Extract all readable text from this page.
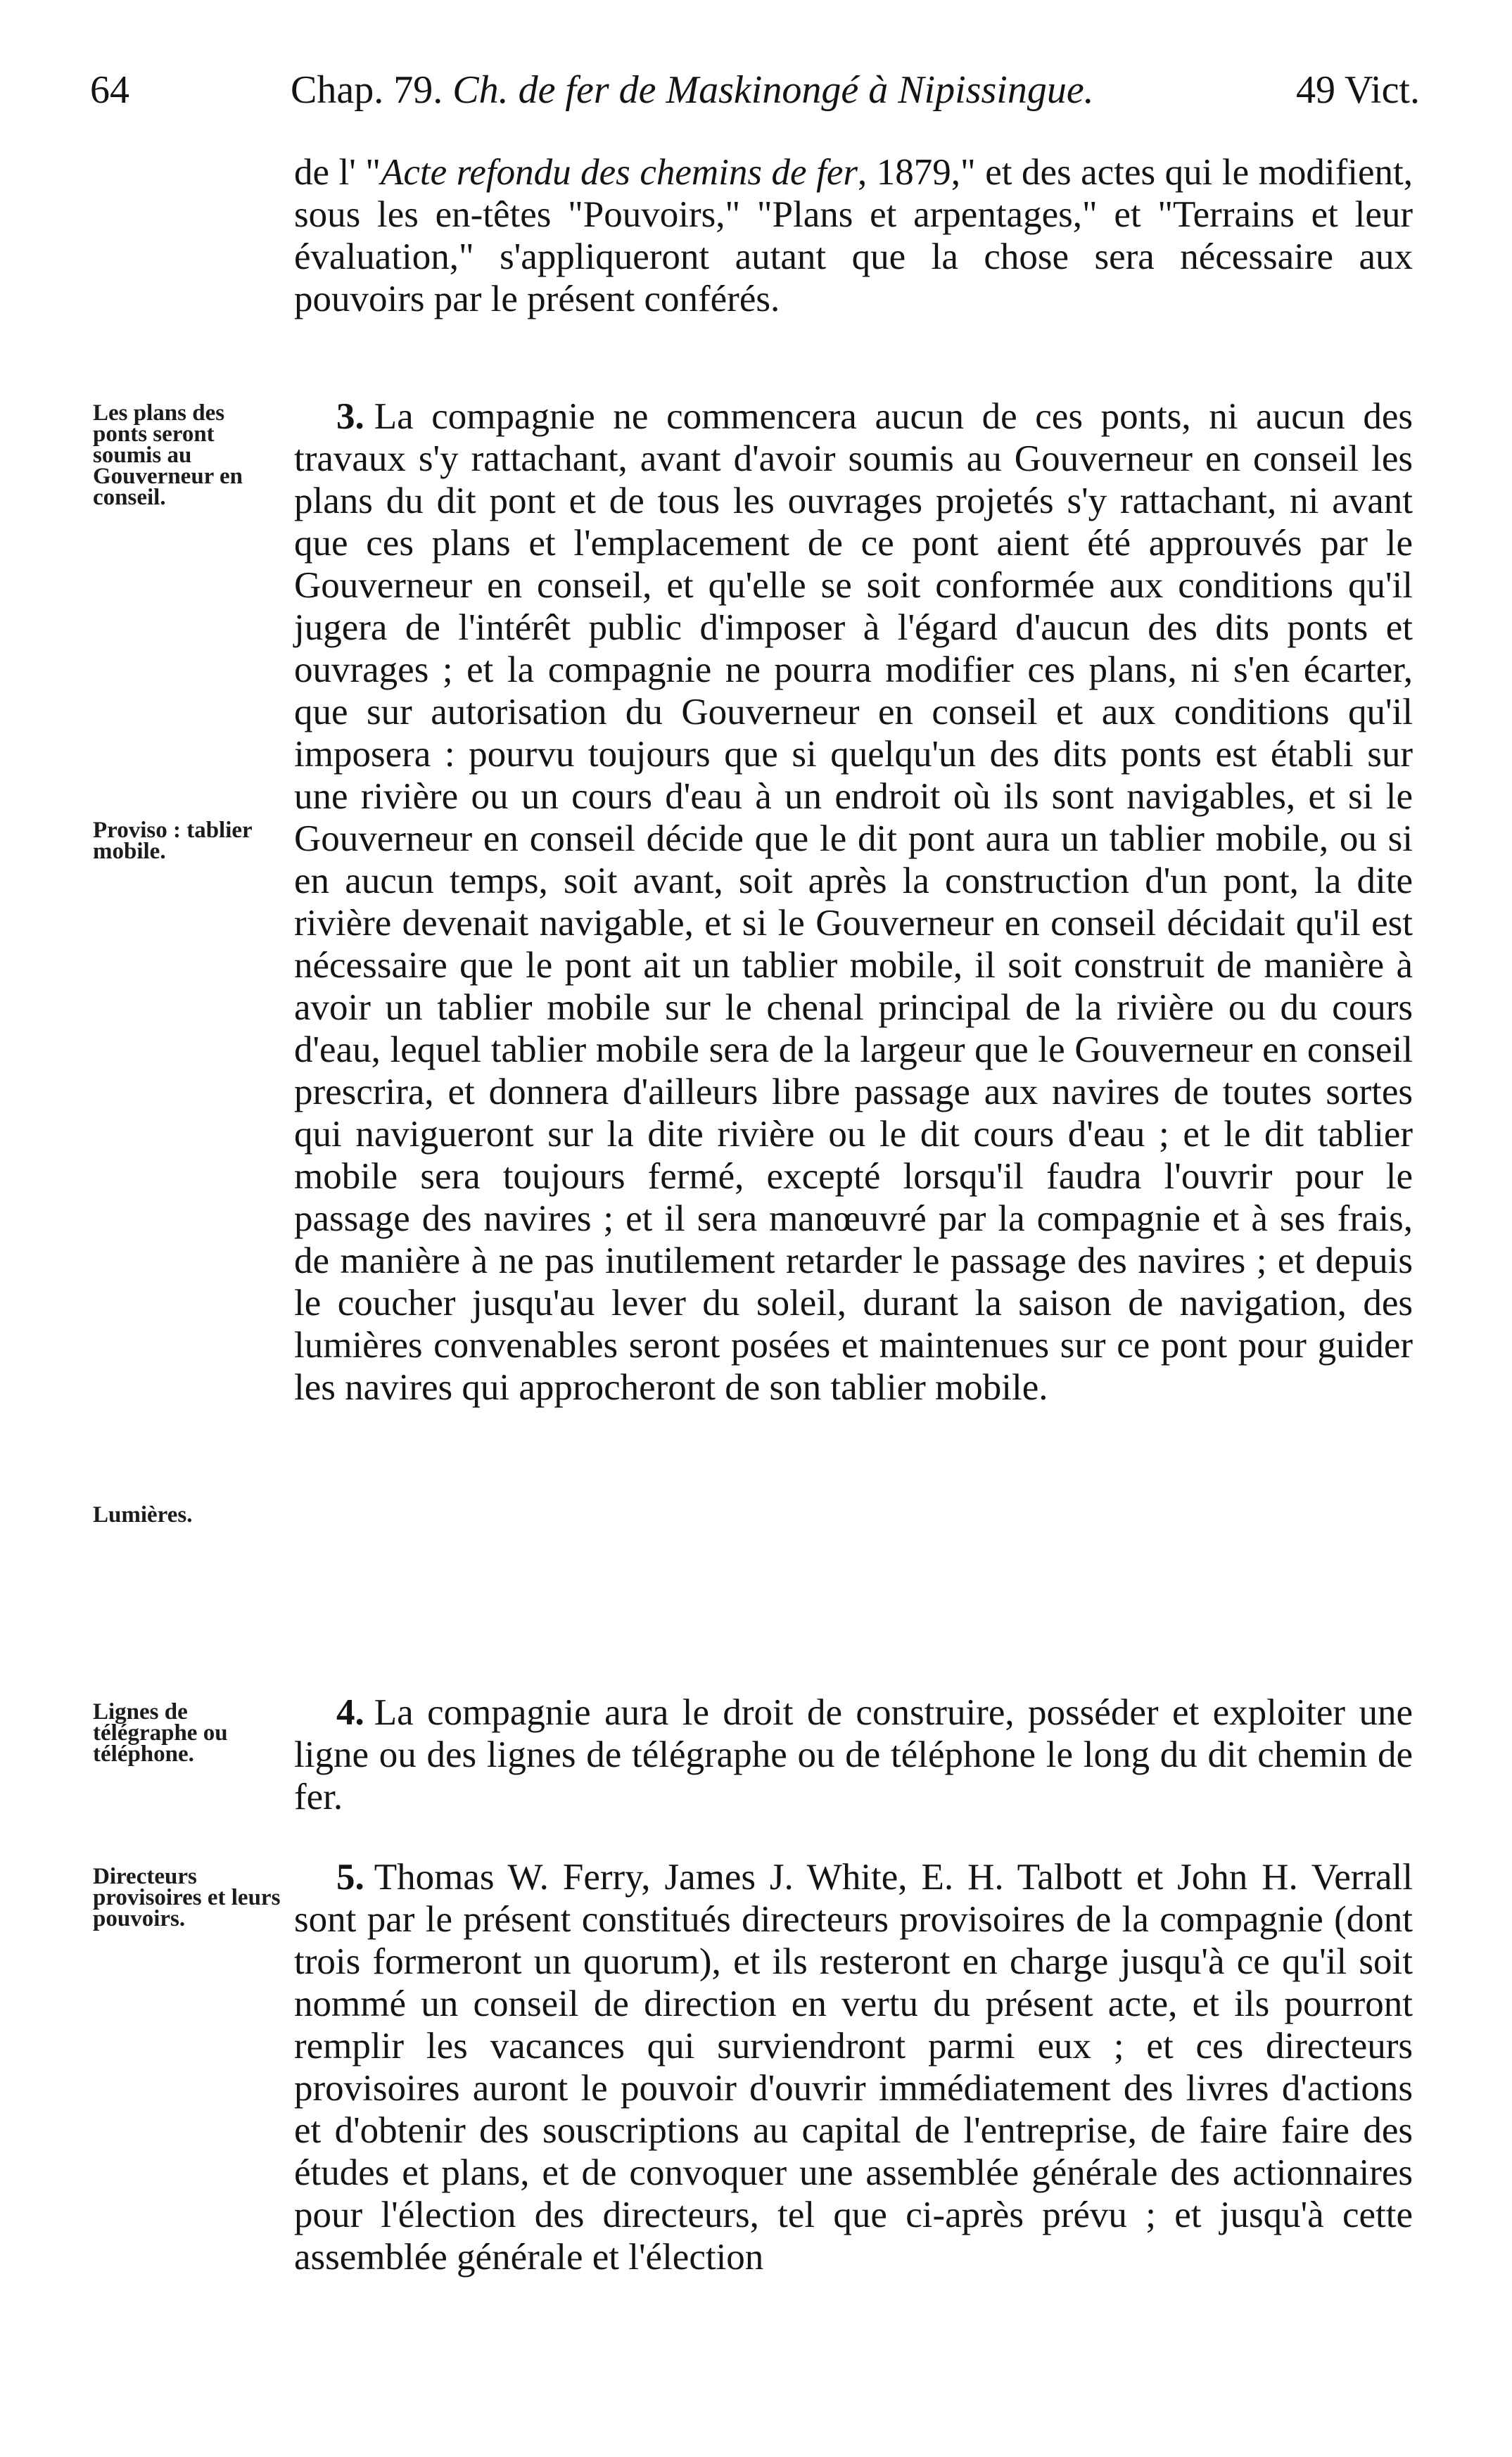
64	Chap. 79. Ch. de fer de Maskinongé à Nipissingue.	49 Vict.

de l' "Acte refondu des chemins de fer, 1879," et des actes qui le modifient, sous les en-têtes "Pouvoirs," "Plans et arpentages," et "Terrains et leur évaluation," s'appliqueront autant que la chose sera nécessaire aux pouvoirs par le présent conférés.

Les plans des ponts seront soumis au Gouverneur en conseil.
Proviso : tablier mobile.
Lumières.

3. La compagnie ne commencera aucun de ces ponts, ni aucun des travaux s'y rattachant, avant d'avoir soumis au Gouverneur en conseil les plans du dit pont et de tous les ouvrages projetés s'y rattachant, ni avant que ces plans et l'emplacement de ce pont aient été approuvés par le Gouverneur en conseil, et qu'elle se soit conformée aux conditions qu'il jugera de l'intérêt public d'imposer à l'égard d'aucun des dits ponts et ouvrages ; et la compagnie ne pourra modifier ces plans, ni s'en écarter, que sur autorisation du Gouverneur en conseil et aux conditions qu'il imposera : pourvu toujours que si quelqu'un des dits ponts est établi sur une rivière ou un cours d'eau à un endroit où ils sont navigables, et si le Gouverneur en conseil décide que le dit pont aura un tablier mobile, ou si en aucun temps, soit avant, soit après la construction d'un pont, la dite rivière devenait navigable, et si le Gouverneur en conseil décidait qu'il est nécessaire que le pont ait un tablier mobile, il soit construit de manière à avoir un tablier mobile sur le chenal principal de la rivière ou du cours d'eau, lequel tablier mobile sera de la largeur que le Gouverneur en conseil prescrira, et donnera d'ailleurs libre passage aux navires de toutes sortes qui navigueront sur la dite rivière ou le dit cours d'eau ; et le dit tablier mobile sera toujours fermé, excepté lorsqu'il faudra l'ouvrir pour le passage des navires ; et il sera manœuvré par la compagnie et à ses frais, de manière à ne pas inutilement retarder le passage des navires ; et depuis le coucher jusqu'au lever du soleil, durant la saison de navigation, des lumières convenables seront posées et maintenues sur ce pont pour guider les navires qui approcheront de son tablier mobile.

Lignes de télégraphe ou téléphone.

4. La compagnie aura le droit de construire, posséder et exploiter une ligne ou des lignes de télégraphe ou de téléphone le long du dit chemin de fer.

Directeurs provisoires et leurs pouvoirs.

5. Thomas W. Ferry, James J. White, E. H. Talbott et John H. Verrall sont par le présent constitués directeurs provisoires de la compagnie (dont trois formeront un quorum), et ils resteront en charge jusqu'à ce qu'il soit nommé un conseil de direction en vertu du présent acte, et ils pourront remplir les vacances qui surviendront parmi eux ; et ces directeurs provisoires auront le pouvoir d'ouvrir immédiatement des livres d'actions et d'obtenir des souscriptions au capital de l'entreprise, de faire faire des études et plans, et de convoquer une assemblée générale des actionnaires pour l'élection des directeurs, tel que ci-après prévu ; et jusqu'à cette assemblée générale et l'élection
